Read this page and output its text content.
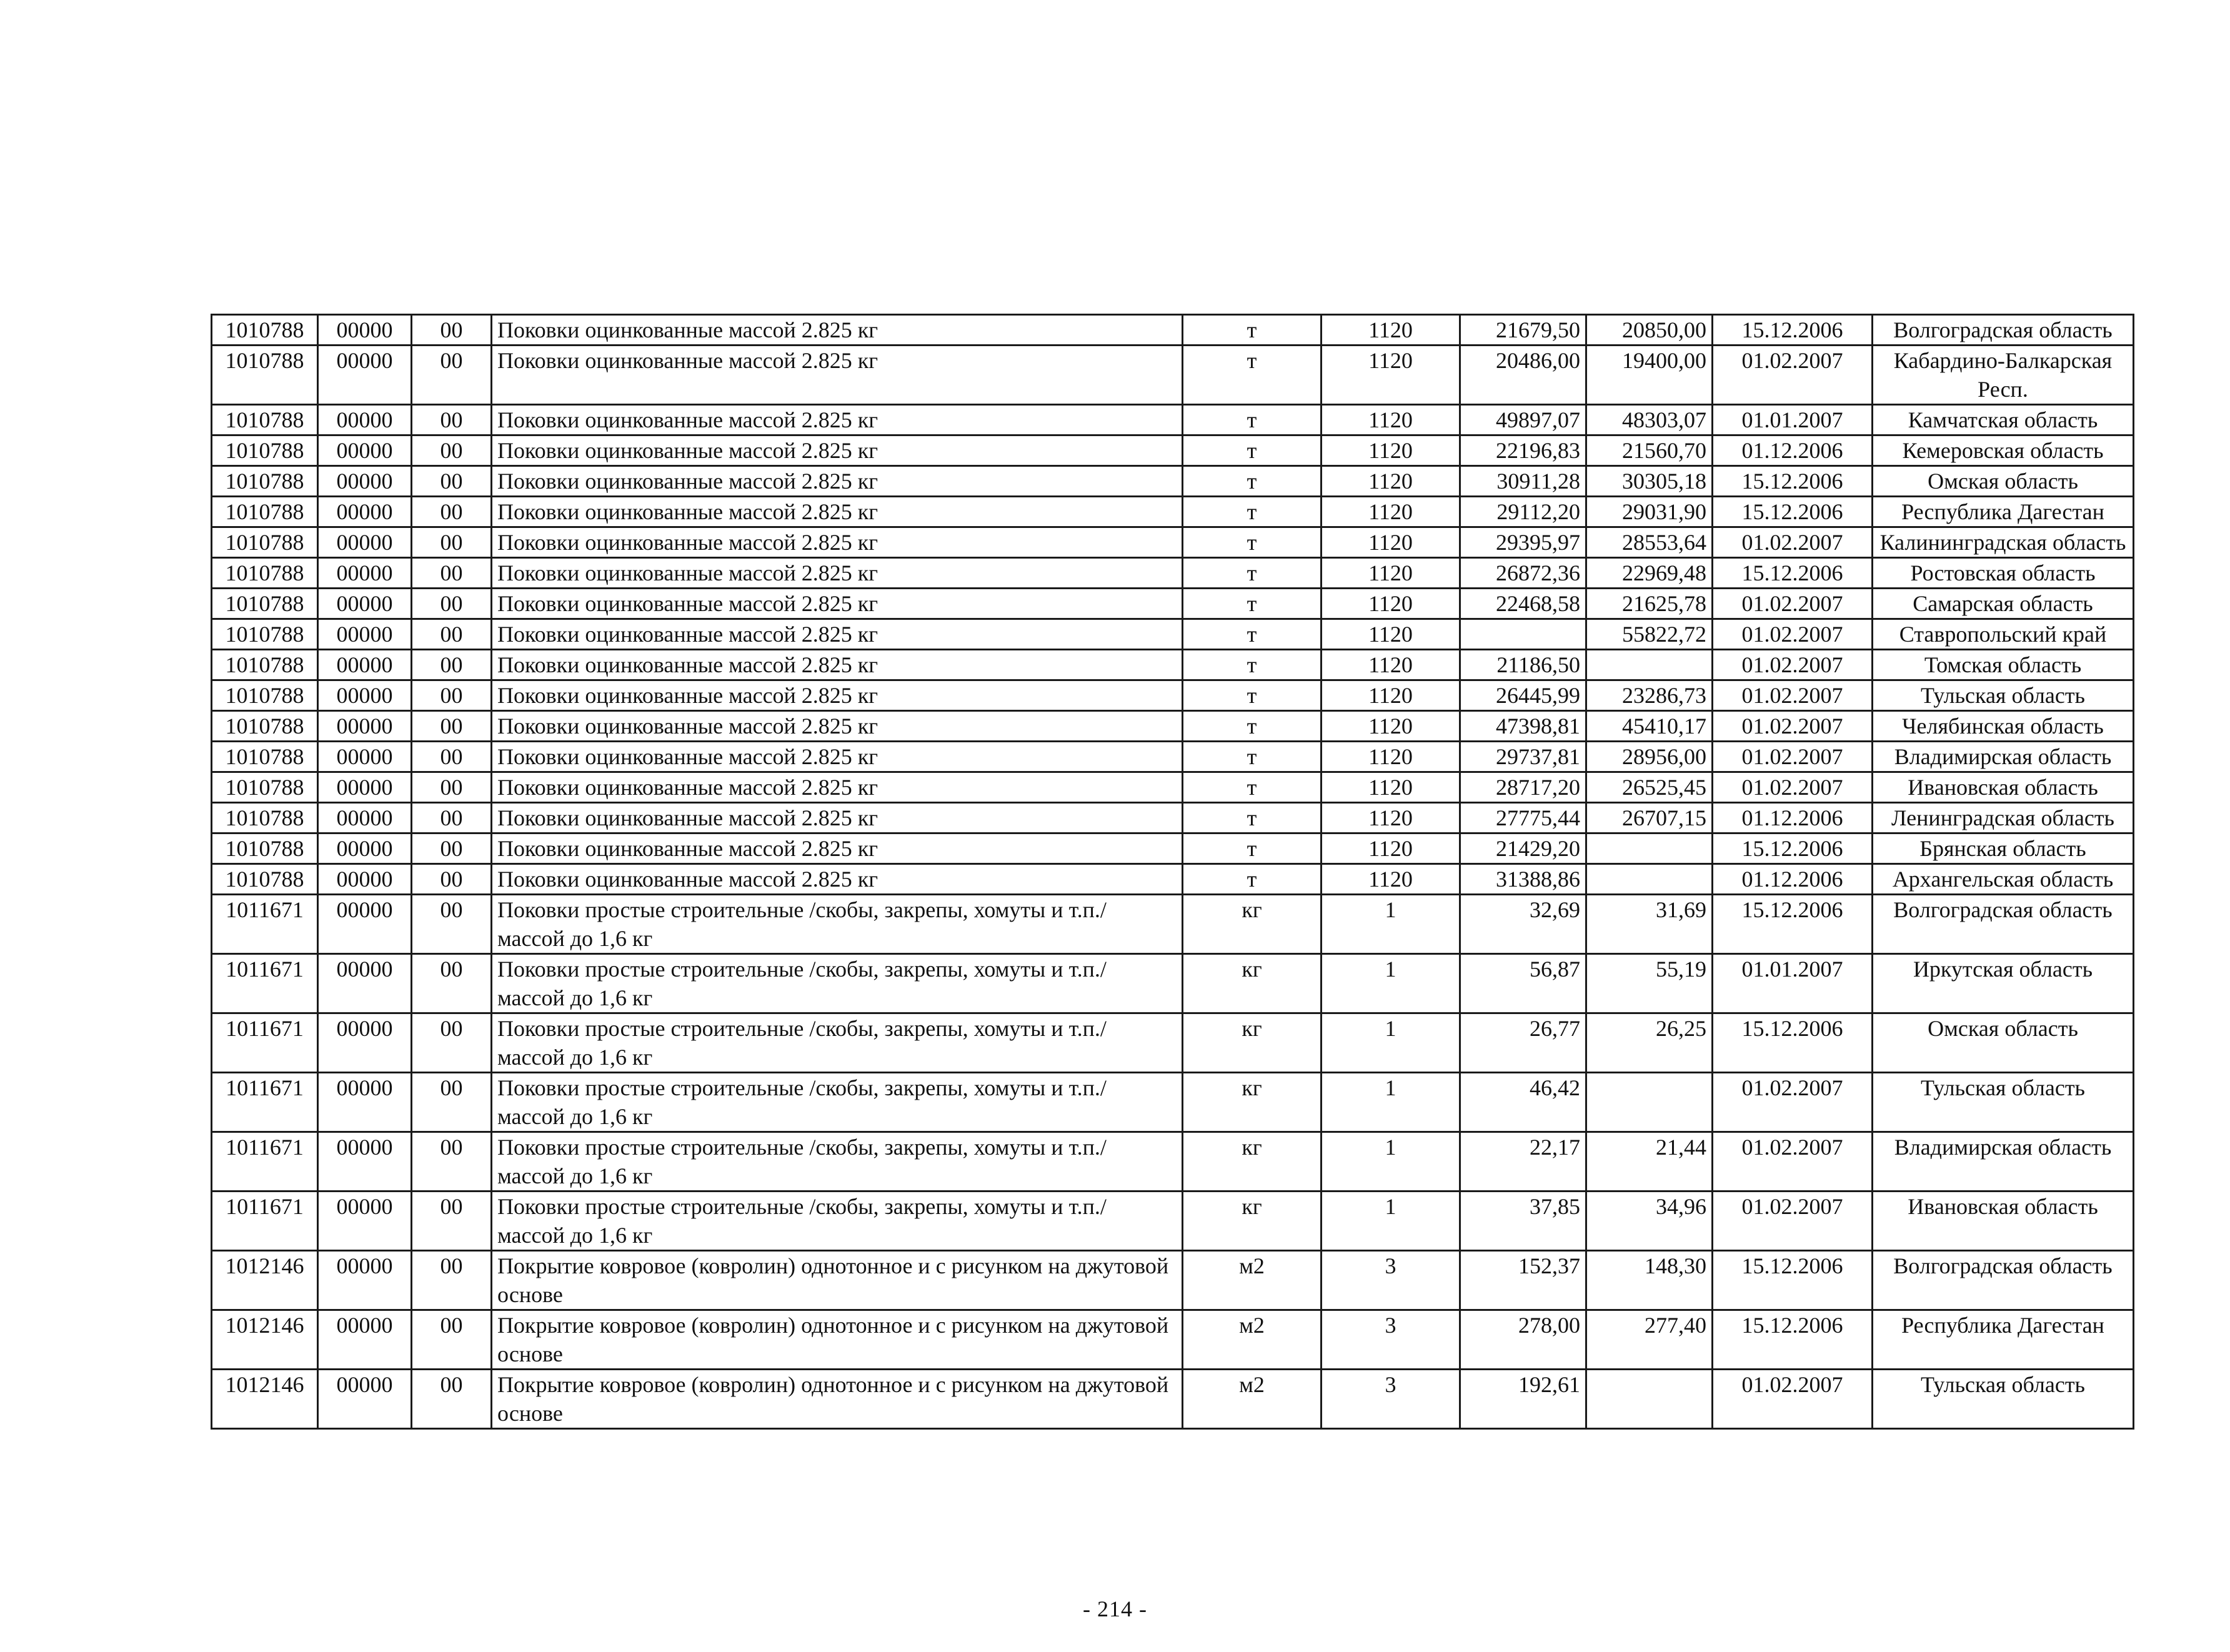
1010788	00000	00	Поковки оцинкованные массой 2.825 кг	т	1120	21679,50	20850,00	15.12.2006	Волгоградская область
1010788	00000	00	Поковки оцинкованные массой 2.825 кг	т	1120	20486,00	19400,00	01.02.2007	Кабардино-Балкарская Респ.
1010788	00000	00	Поковки оцинкованные массой 2.825 кг	т	1120	49897,07	48303,07	01.01.2007	Камчатская область
1010788	00000	00	Поковки оцинкованные массой 2.825 кг	т	1120	22196,83	21560,70	01.12.2006	Кемеровская область
1010788	00000	00	Поковки оцинкованные массой 2.825 кг	т	1120	30911,28	30305,18	15.12.2006	Омская область
1010788	00000	00	Поковки оцинкованные массой 2.825 кг	т	1120	29112,20	29031,90	15.12.2006	Республика Дагестан
1010788	00000	00	Поковки оцинкованные массой 2.825 кг	т	1120	29395,97	28553,64	01.02.2007	Калининградская область
1010788	00000	00	Поковки оцинкованные массой 2.825 кг	т	1120	26872,36	22969,48	15.12.2006	Ростовская область
1010788	00000	00	Поковки оцинкованные массой 2.825 кг	т	1120	22468,58	21625,78	01.02.2007	Самарская область
1010788	00000	00	Поковки оцинкованные массой 2.825 кг	т	1120		55822,72	01.02.2007	Ставропольский край
1010788	00000	00	Поковки оцинкованные массой 2.825 кг	т	1120	21186,50		01.02.2007	Томская область
1010788	00000	00	Поковки оцинкованные массой 2.825 кг	т	1120	26445,99	23286,73	01.02.2007	Тульская область
1010788	00000	00	Поковки оцинкованные массой 2.825 кг	т	1120	47398,81	45410,17	01.02.2007	Челябинская область
1010788	00000	00	Поковки оцинкованные массой 2.825 кг	т	1120	29737,81	28956,00	01.02.2007	Владимирская область
1010788	00000	00	Поковки оцинкованные массой 2.825 кг	т	1120	28717,20	26525,45	01.02.2007	Ивановская область
1010788	00000	00	Поковки оцинкованные массой 2.825 кг	т	1120	27775,44	26707,15	01.12.2006	Ленинградская область
1010788	00000	00	Поковки оцинкованные массой 2.825 кг	т	1120	21429,20		15.12.2006	Брянская область
1010788	00000	00	Поковки оцинкованные массой 2.825 кг	т	1120	31388,86		01.12.2006	Архангельская область
1011671	00000	00	Поковки простые строительные /скобы, закрепы, хомуты и т.п./ массой до 1,6 кг	кг	1	32,69	31,69	15.12.2006	Волгоградская область
1011671	00000	00	Поковки простые строительные /скобы, закрепы, хомуты и т.п./ массой до 1,6 кг	кг	1	56,87	55,19	01.01.2007	Иркутская область
1011671	00000	00	Поковки простые строительные /скобы, закрепы, хомуты и т.п./ массой до 1,6 кг	кг	1	26,77	26,25	15.12.2006	Омская область
1011671	00000	00	Поковки простые строительные /скобы, закрепы, хомуты и т.п./ массой до 1,6 кг	кг	1	46,42		01.02.2007	Тульская область
1011671	00000	00	Поковки простые строительные /скобы, закрепы, хомуты и т.п./ массой до 1,6 кг	кг	1	22,17	21,44	01.02.2007	Владимирская область
1011671	00000	00	Поковки простые строительные /скобы, закрепы, хомуты и т.п./ массой до 1,6 кг	кг	1	37,85	34,96	01.02.2007	Ивановская область
1012146	00000	00	Покрытие ковровое (ковролин) однотонное и с рисунком на джутовой основе	м2	3	152,37	148,30	15.12.2006	Волгоградская область
1012146	00000	00	Покрытие ковровое (ковролин) однотонное и с рисунком на джутовой основе	м2	3	278,00	277,40	15.12.2006	Республика Дагестан
1012146	00000	00	Покрытие ковровое (ковролин) однотонное и с рисунком на джутовой основе	м2	3	192,61		01.02.2007	Тульская область
- 214 -
